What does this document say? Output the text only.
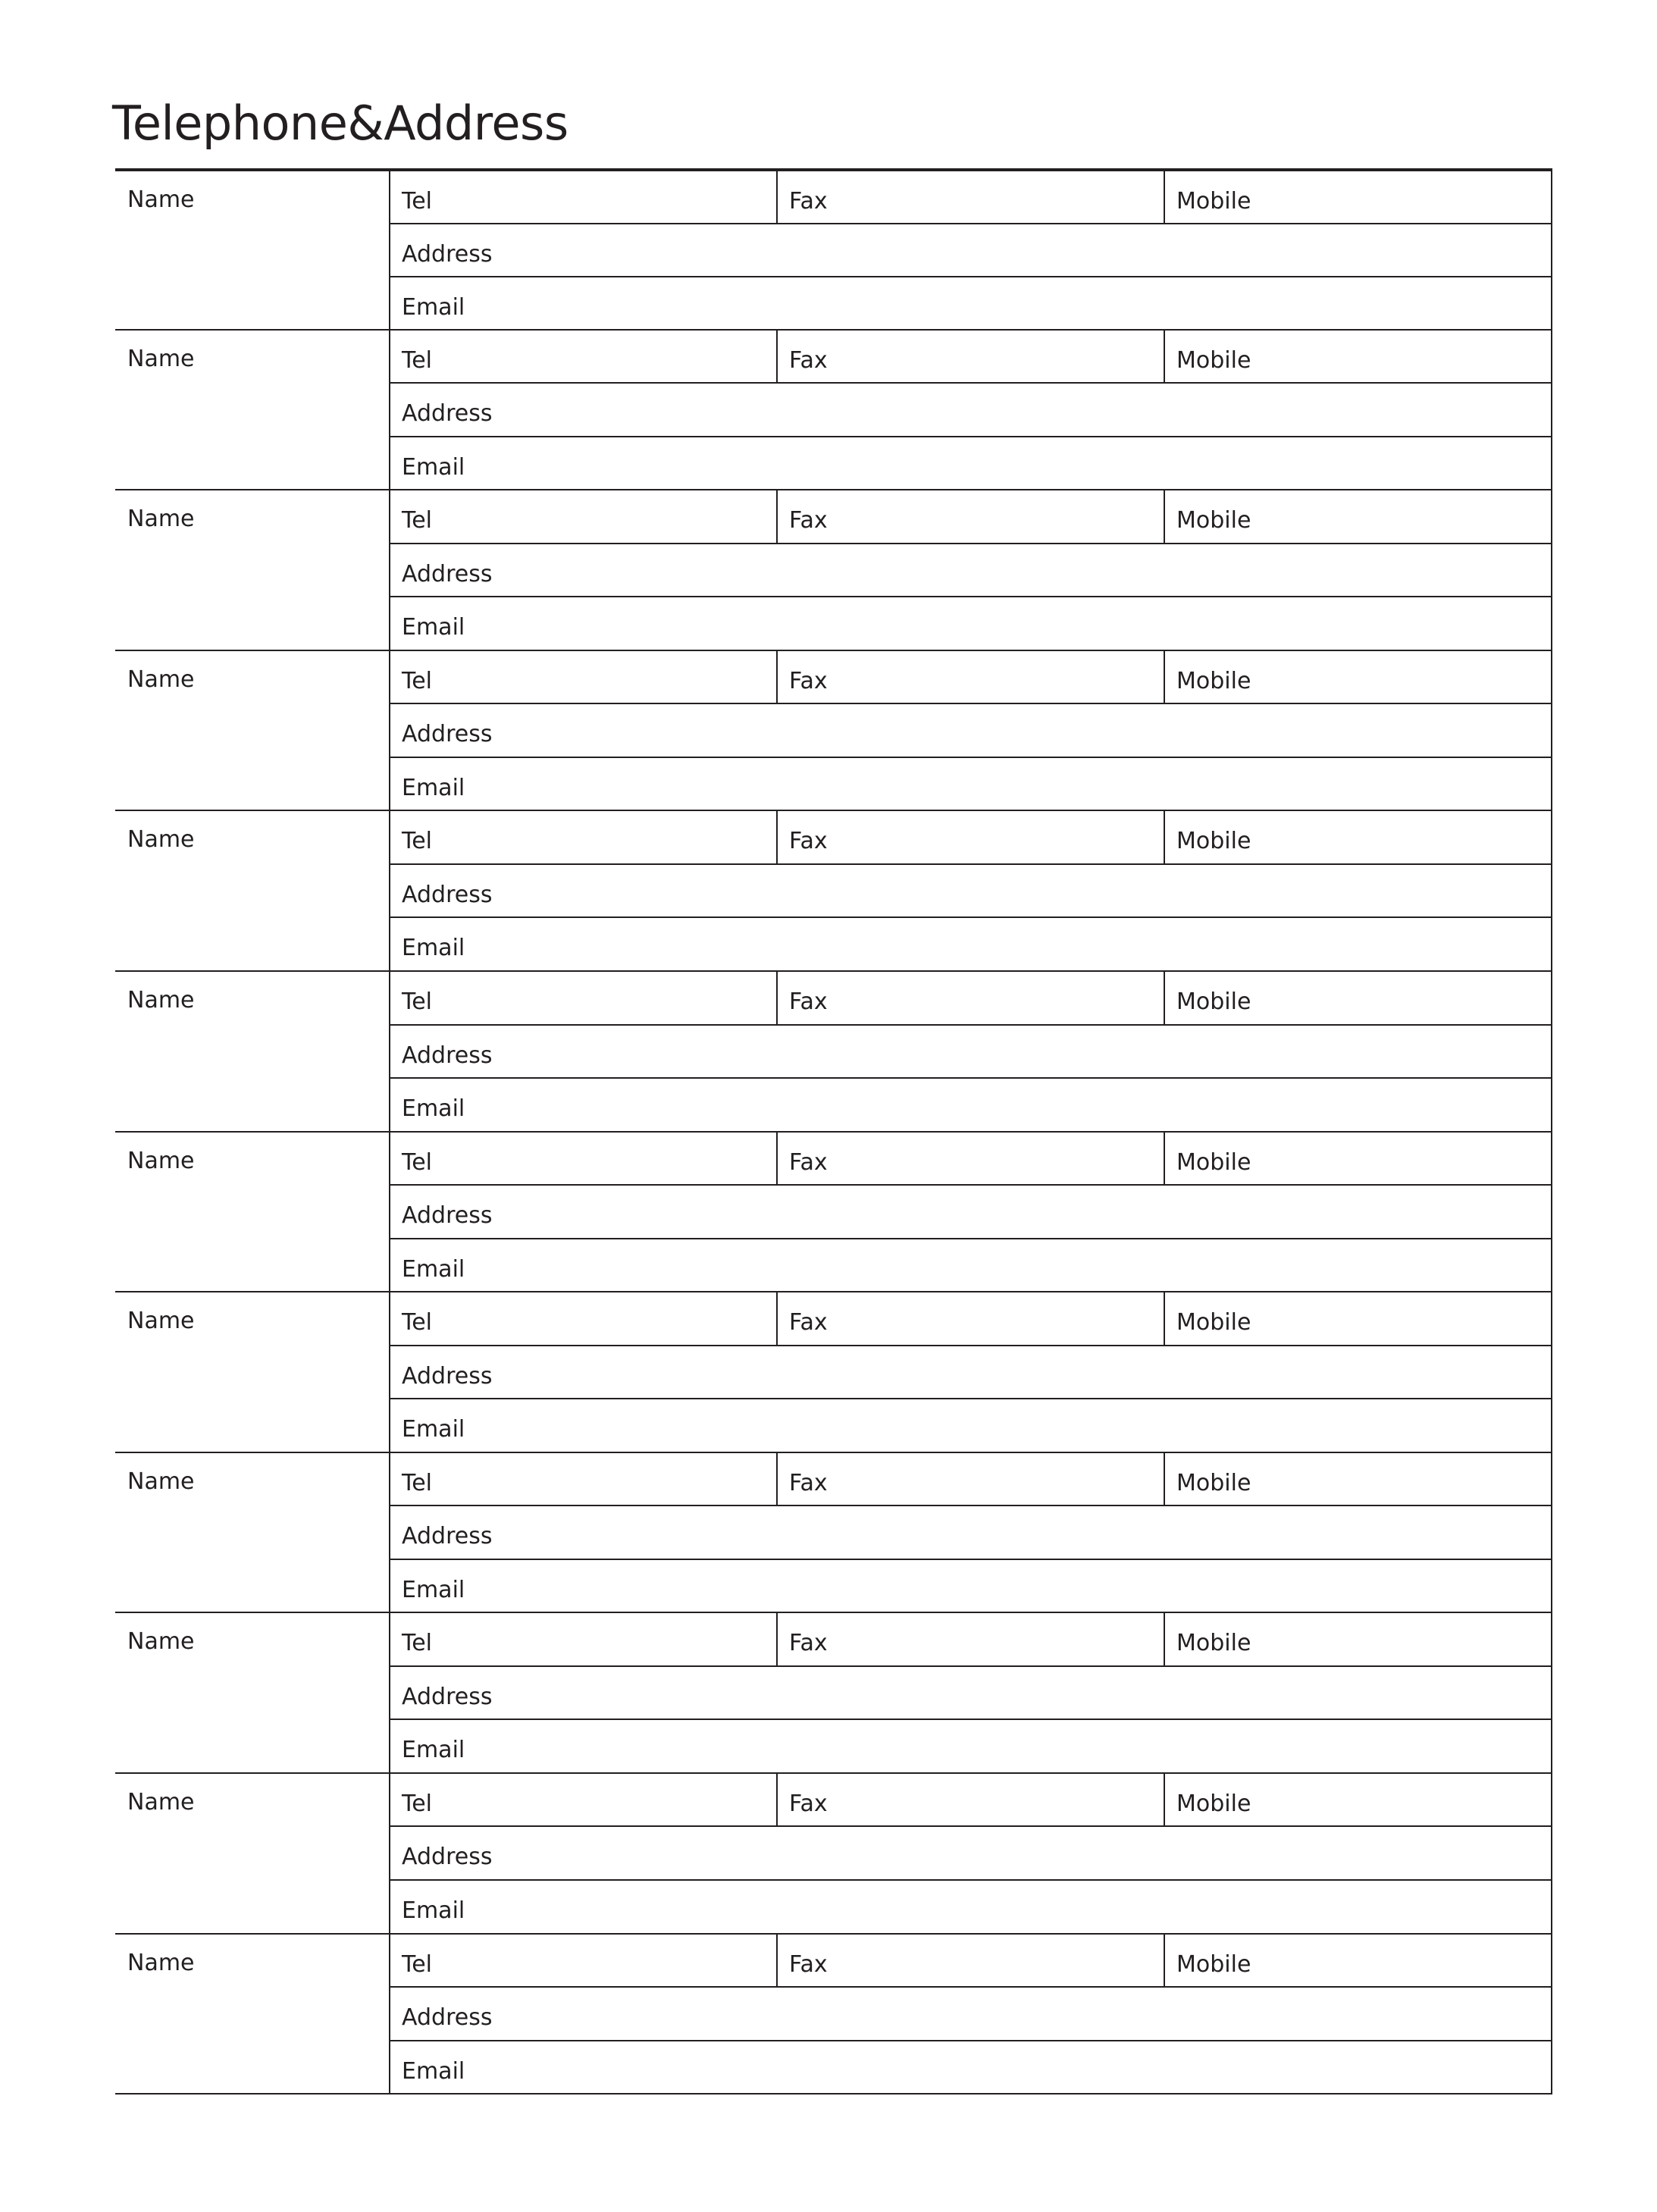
Telephone&Address
Name	Tel	Fax	Mobile
Address
Email
Name	Tel	Fax	Mobile
Address
Email
Name	Tel	Fax	Mobile
Address
Email
Name	Tel	Fax	Mobile
Address
Email
Name	Tel	Fax	Mobile
Address
Email
Name	Tel	Fax	Mobile
Address
Email
Name	Tel	Fax	Mobile
Address
Email
Name	Tel	Fax	Mobile
Address
Email
Name	Tel	Fax	Mobile
Address
Email
Name	Tel	Fax	Mobile
Address
Email
Name	Tel	Fax	Mobile
Address
Email
Name	Tel	Fax	Mobile
Address
Email
